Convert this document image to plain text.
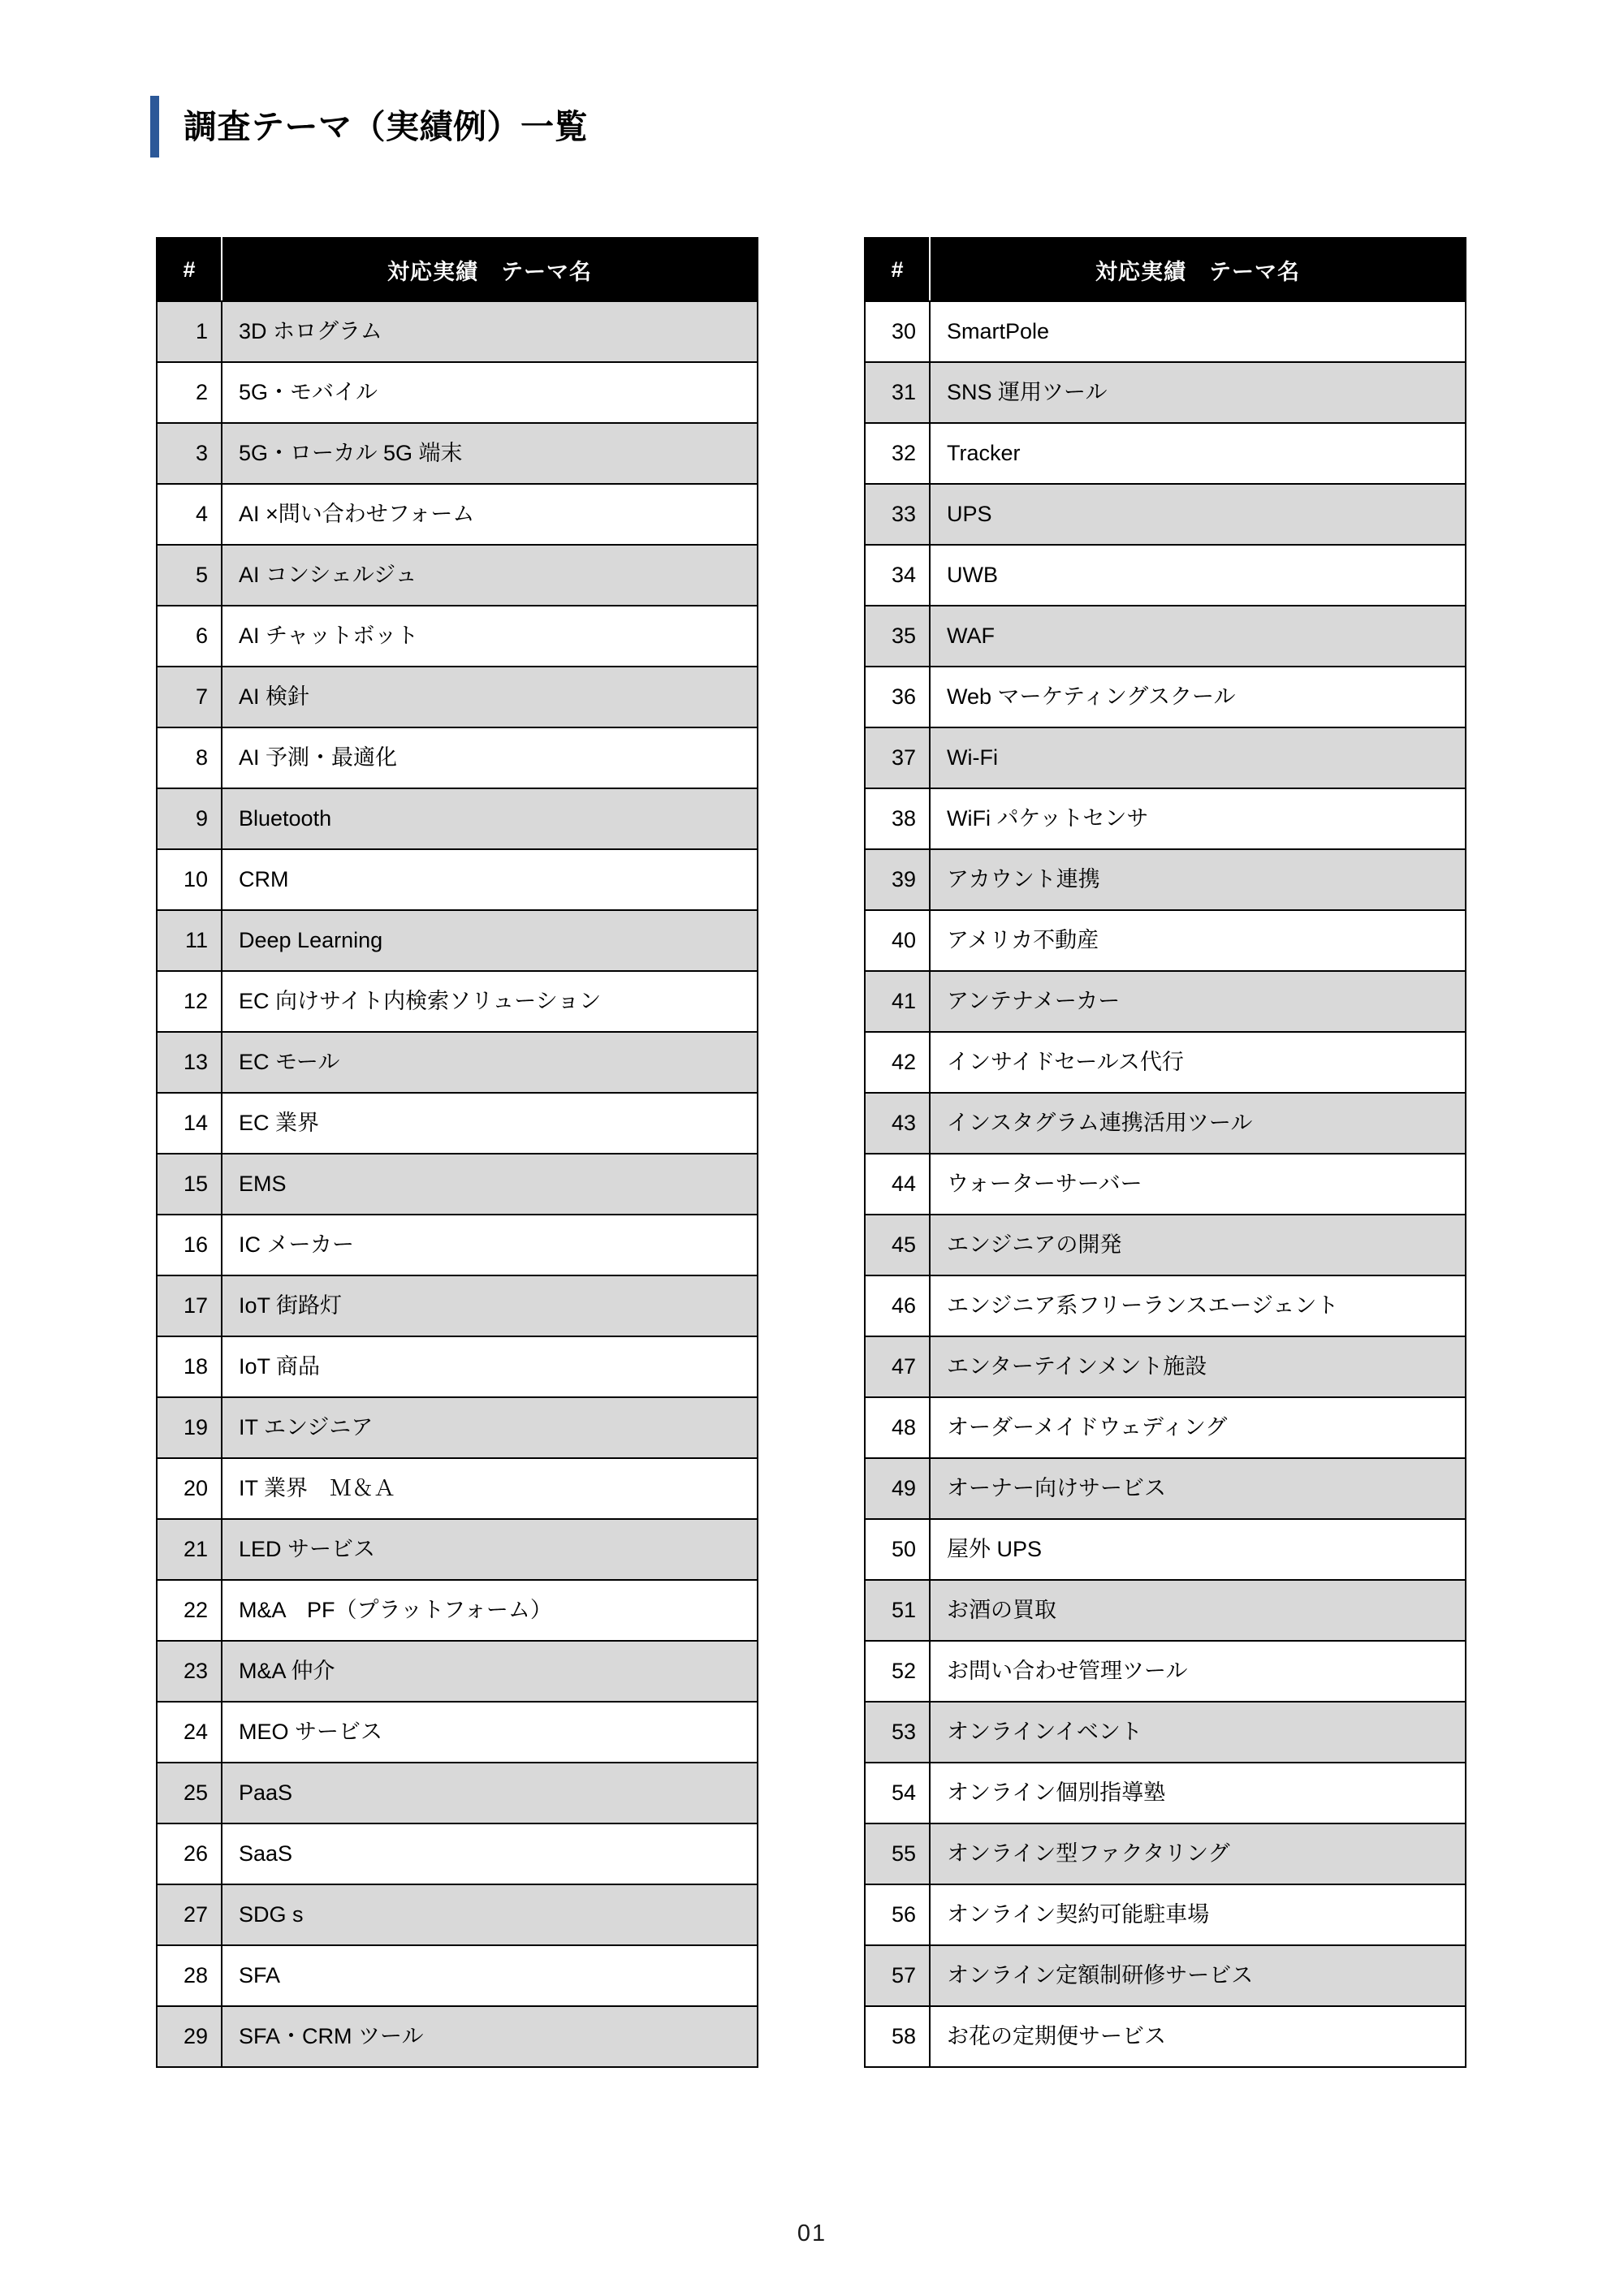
調査テーマ（実績例）一覧
#	対応実績　テーマ名
1	3D ホログラム
2	5G・モバイル
3	5G・ローカル 5G 端末
4	AI ×問い合わせフォーム
5	AI コンシェルジュ
6	AI チャットボット
7	AI 検針
8	AI 予測・最適化
9	Bluetooth
10	CRM
11	Deep Learning
12	EC 向けサイト内検索ソリューション
13	EC モール
14	EC 業界
15	EMS
16	IC メーカー
17	IoT 街路灯
18	IoT 商品
19	IT エンジニア
20	IT 業界　Ｍ＆Ａ
21	LED サービス
22	M&A　PF（プラットフォーム）
23	M&A 仲介
24	MEO サービス
25	PaaS
26	SaaS
27	SDG s
28	SFA
29	SFA・CRM ツール
#	対応実績　テーマ名
30	SmartPole
31	SNS 運用ツール
32	Tracker
33	UPS
34	UWB
35	WAF
36	Web マーケティングスクール
37	Wi-Fi
38	WiFi パケットセンサ
39	アカウント連携
40	アメリカ不動産
41	アンテナメーカー
42	インサイドセールス代行
43	インスタグラム連携活用ツール
44	ウォーターサーバー
45	エンジニアの開発
46	エンジニア系フリーランスエージェント
47	エンターテインメント施設
48	オーダーメイドウェディング
49	オーナー向けサービス
50	屋外 UPS
51	お酒の買取
52	お問い合わせ管理ツール
53	オンラインイベント
54	オンライン個別指導塾
55	オンライン型ファクタリング
56	オンライン契約可能駐車場
57	オンライン定額制研修サービス
58	お花の定期便サービス
01
